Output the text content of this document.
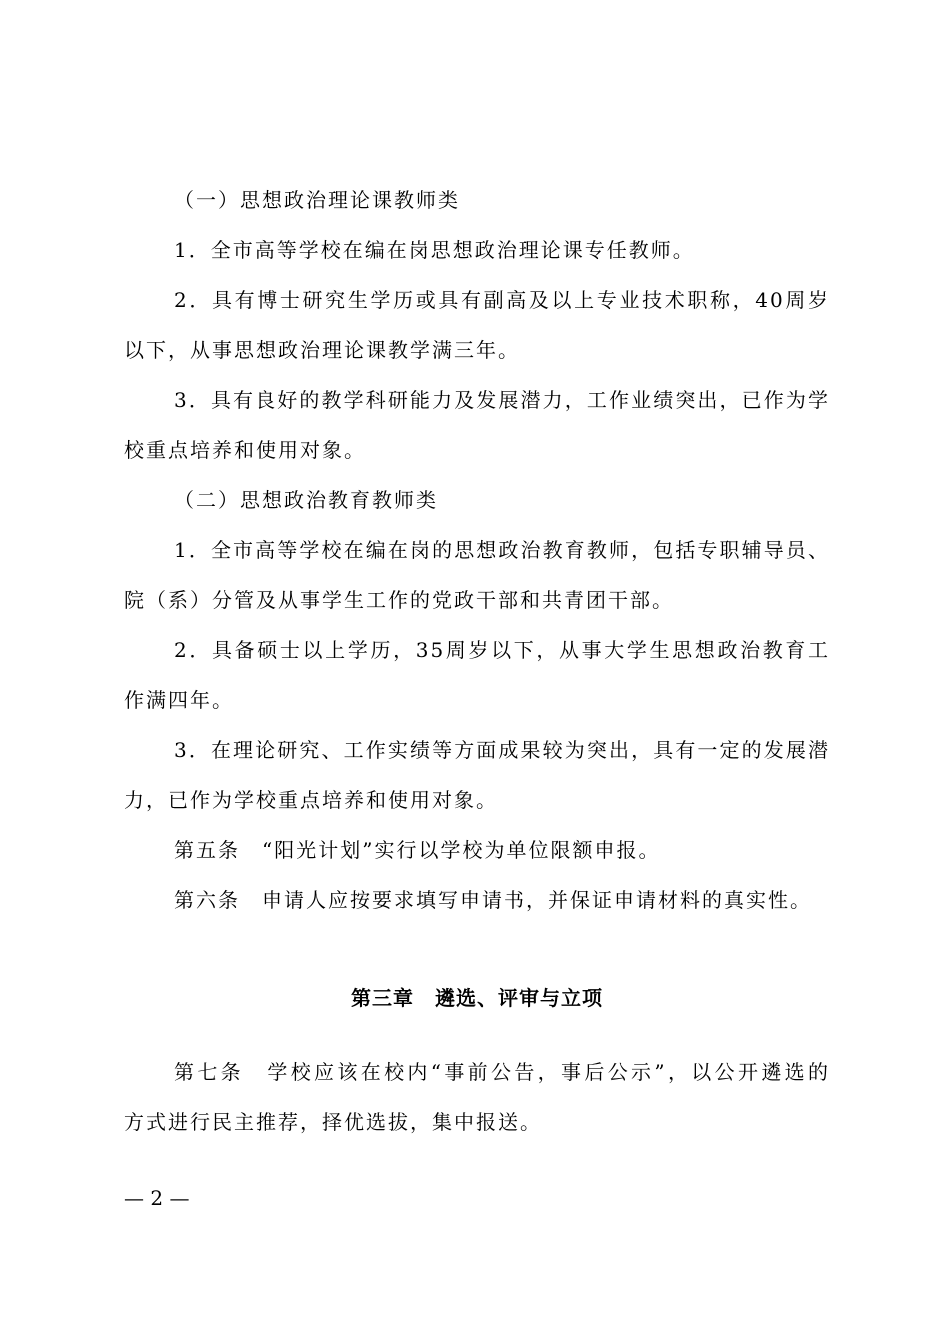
（一）思想政治理论课教师类
1．全市高等学校在编在岗思想政治理论课专任教师。
2．具有博士研究生学历或具有副高及以上专业技术职称，40周岁
以下，从事思想政治理论课教学满三年。
3．具有良好的教学科研能力及发展潜力，工作业绩突出，已作为学
校重点培养和使用对象。
（二）思想政治教育教师类
1．全市高等学校在编在岗的思想政治教育教师，包括专职辅导员、
院（系）分管及从事学生工作的党政干部和共青团干部。
2．具备硕士以上学历，35周岁以下，从事大学生思想政治教育工
作满四年。
3．在理论研究、工作实绩等方面成果较为突出，具有一定的发展潜
力，已作为学校重点培养和使用对象。
第五条　“阳光计划”实行以学校为单位限额申报。
第六条　申请人应按要求填写申请书，并保证申请材料的真实性。
第三章　遴选、评审与立项
第七条　学校应该在校内“事前公告，事后公示”，以公开遴选的
方式进行民主推荐，择优选拔，集中报送。
— 2 —
